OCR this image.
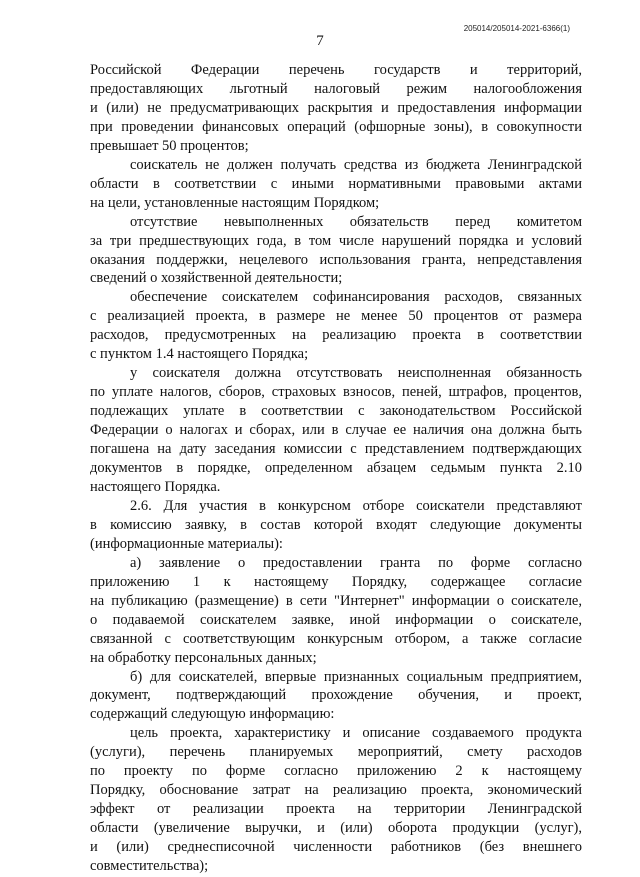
205014/205014-2021-6366(1)
7

Российской Федерации перечень государств и территорий,
предоставляющих льготный налоговый режим налогообложения
и (или) не предусматривающих раскрытия и предоставления информации
при проведении финансовых операций (офшорные зоны), в совокупности
превышает 50 процентов;

соискатель не должен получать средства из бюджета Ленинградской
области в соответствии с иными нормативными правовыми актами
на цели, установленные настоящим Порядком;

отсутствие невыполненных обязательств перед комитетом
за три предшествующих года, в том числе нарушений порядка и условий
оказания поддержки, нецелевого использования гранта, непредставления
сведений о хозяйственной деятельности;

обеспечение соискателем софинансирования расходов, связанных
с реализацией проекта, в размере не менее 50 процентов от размера
расходов, предусмотренных на реализацию проекта в соответствии
с пунктом 1.4 настоящего Порядка;

у соискателя должна отсутствовать неисполненная обязанность
по уплате налогов, сборов, страховых взносов, пеней, штрафов, процентов,
подлежащих уплате в соответствии с законодательством Российской
Федерации о налогах и сборах, или в случае ее наличия она должна быть
погашена на дату заседания комиссии с представлением подтверждающих
документов в порядке, определенном абзацем седьмым пункта 2.10
настоящего Порядка.

2.6. Для участия в конкурсном отборе соискатели представляют
в комиссию заявку, в состав которой входят следующие документы
(информационные материалы):

а) заявление о предоставлении гранта по форме согласно
приложению 1 к настоящему Порядку, содержащее согласие
на публикацию (размещение) в сети "Интернет" информации о соискателе,
о подаваемой соискателем заявке, иной информации о соискателе,
связанной с соответствующим конкурсным отбором, а также согласие
на обработку персональных данных;

б) для соискателей, впервые признанных социальным предприятием,
документ, подтверждающий прохождение обучения, и проект,
содержащий следующую информацию:

цель проекта, характеристику и описание создаваемого продукта
(услуги), перечень планируемых мероприятий, смету расходов
по проекту по форме согласно приложению 2 к настоящему
Порядку, обоснование затрат на реализацию проекта, экономический
эффект от реализации проекта на территории Ленинградской
области (увеличение выручки, и (или) оборота продукции (услуг),
и (или) среднесписочной численности работников (без внешнего
совместительства);
